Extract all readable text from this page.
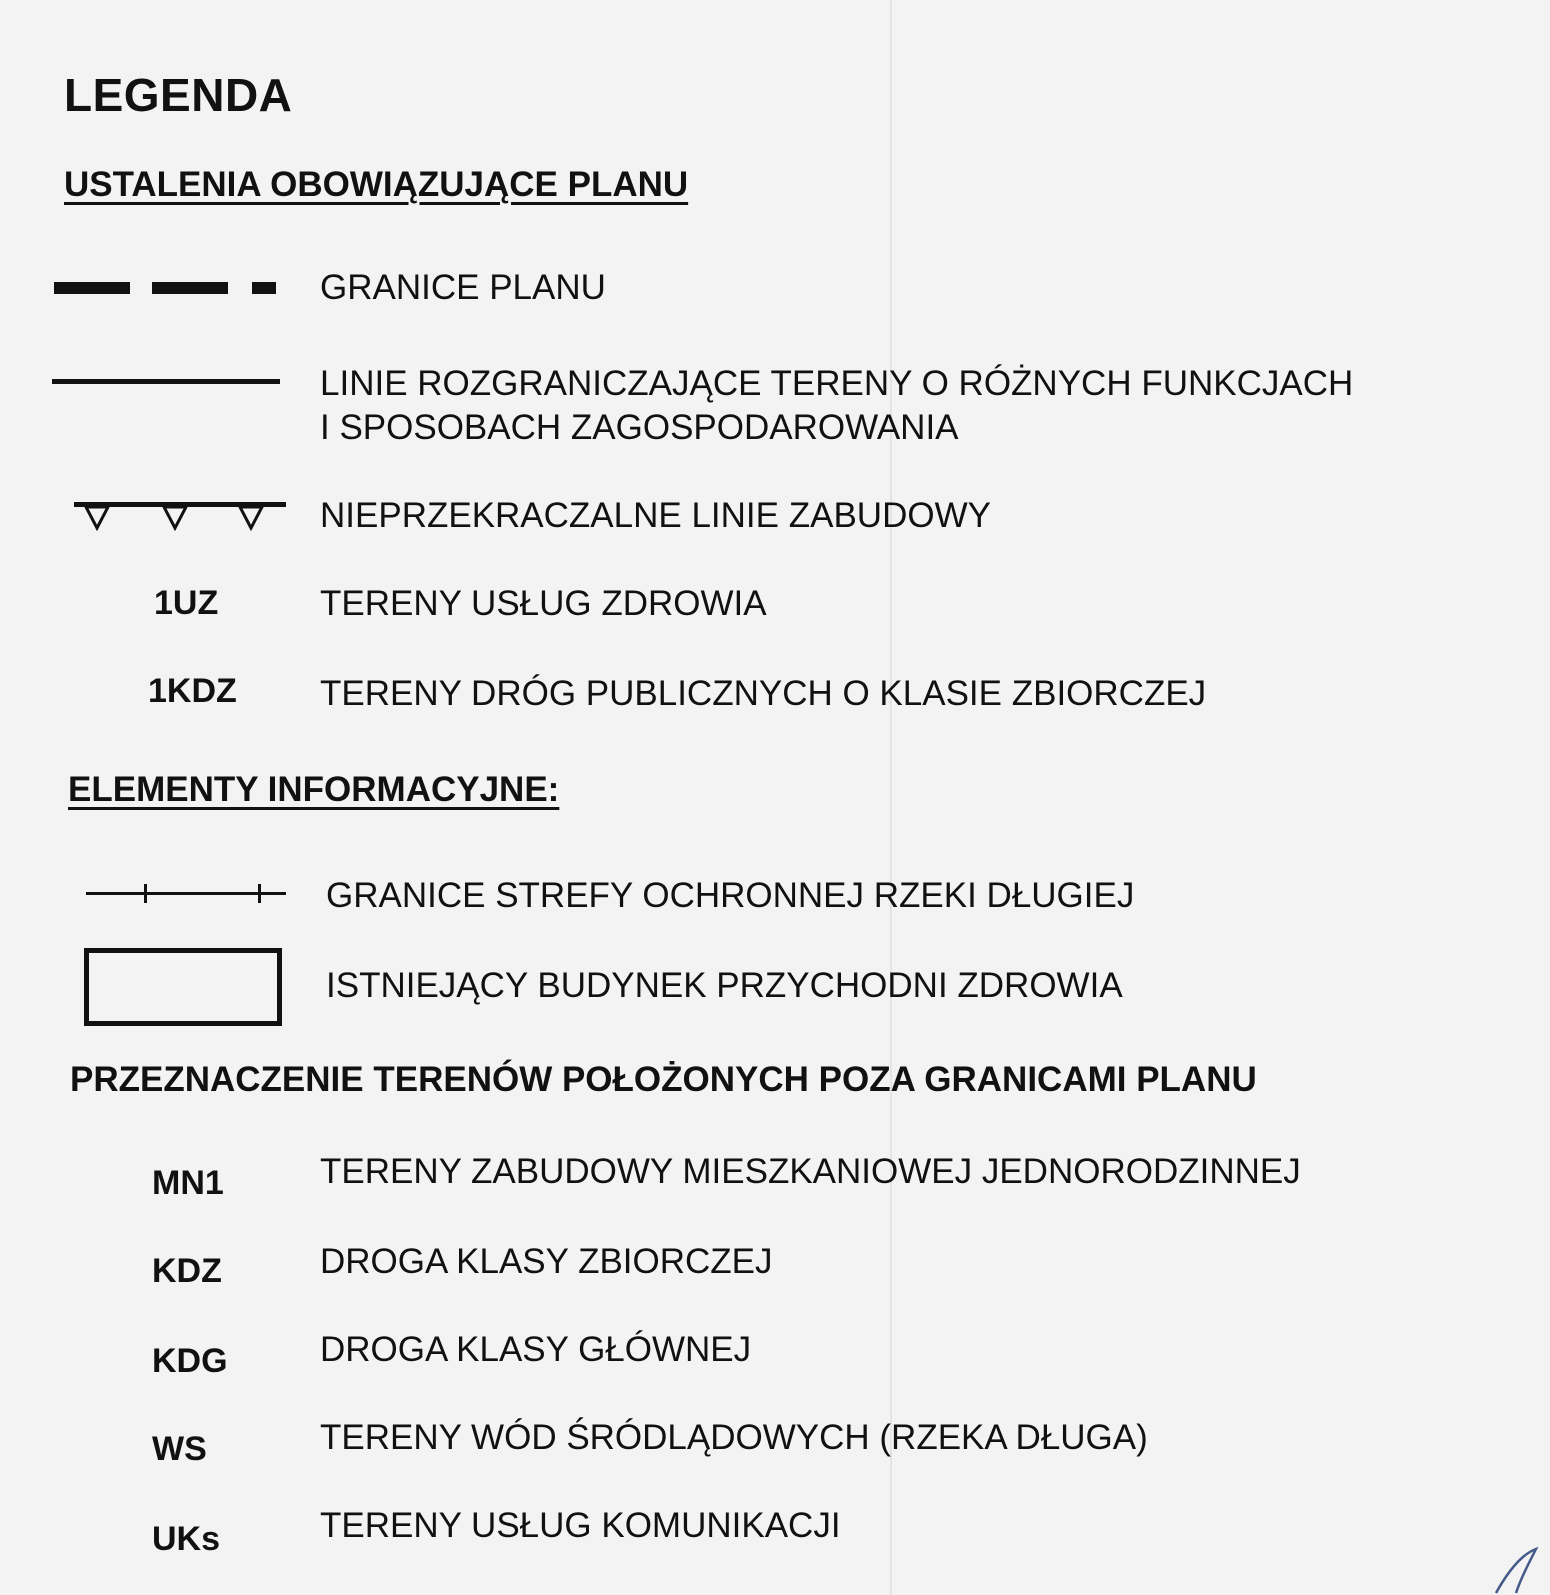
LEGENDA
USTALENIA OBOWIĄZUJĄCE PLANU
GRANICE PLANU
LINIE ROZGRANICZAJĄCE TERENY O RÓŻNYCH FUNKCJACH
I SPOSOBACH ZAGOSPODAROWANIA
NIEPRZEKRACZALNE LINIE ZABUDOWY
1UZ	TERENY USŁUG ZDROWIA
1KDZ TERENY DRÓG PUBLICZNYCH O KLASIE ZBIORCZEJ
ELEMENTY INFORMACYJNE:
GRANICE STREFY OCHRONNEJ RZEKI DŁUGIEJ
ISTNIEJĄCY BUDYNEK PRZYCHODNI ZDROWIA
PRZEZNACZENIE TERENÓW POŁOŻONYCH POZA GRANICAMI PLANU
MN1	TERENY ZABUDOWY MIESZKANIOWEJ JEDNORODZINNEJ
KDZ	DROGA KLASY ZBIORCZEJ
KDG	DROGA KLASY GŁÓWNEJ
WS	TERENY WÓD ŚRÓDLĄDOWYCH (RZEKA DŁUGA)
UKs	TERENY USŁUG KOMUNIKACJI
